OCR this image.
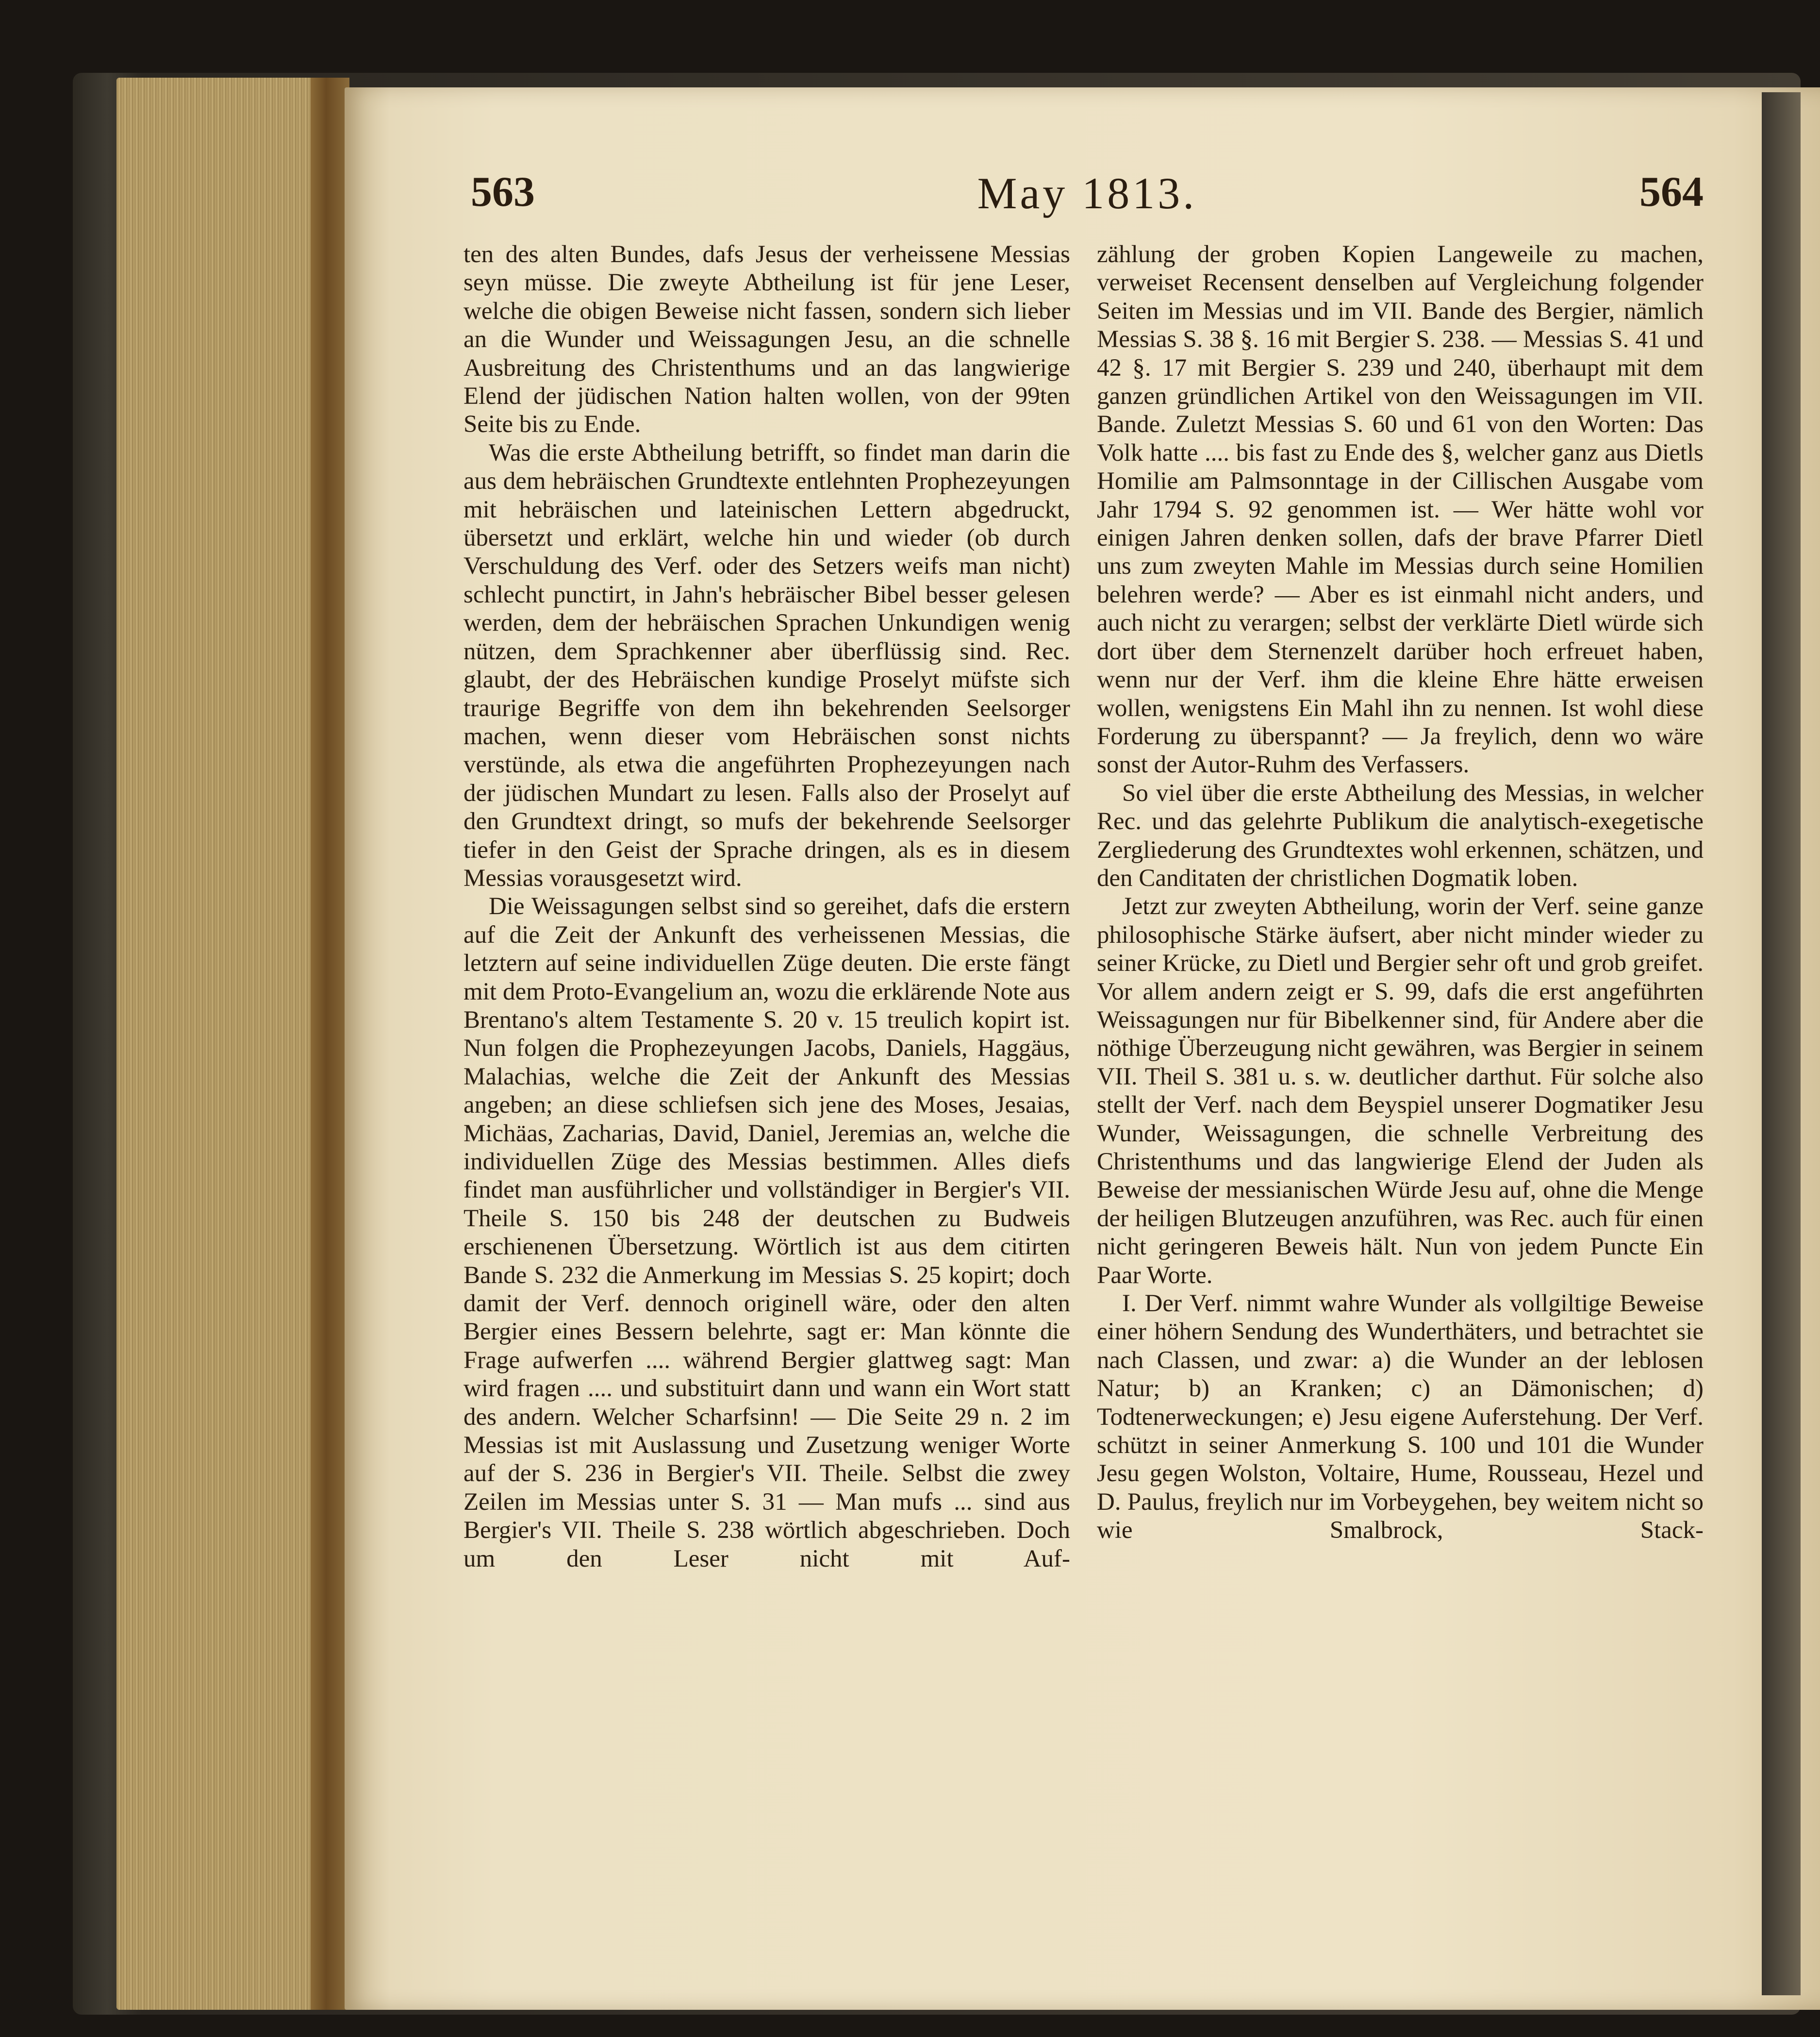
563	May 1813.	564

ten des alten Bundes, dafs Jesus der verheissene Messias seyn müsse. Die zweyte Abtheilung ist für jene Leser, welche die obigen Beweise nicht fassen, sondern sich lieber an die Wunder und Weissagungen Jesu, an die schnelle Ausbreitung des Christenthums und an das langwierige Elend der jüdischen Nation halten wollen, von der 99ten Seite bis zu Ende.

Was die erste Abtheilung betrifft, so findet man darin die aus dem hebräischen Grundtexte entlehnten Prophezeyungen mit hebräischen und lateinischen Lettern abgedruckt, übersetzt und erklärt, welche hin und wieder (ob durch Verschuldung des Verf. oder des Setzers weifs man nicht) schlecht punctirt, in Jahn's hebräischer Bibel besser gelesen werden, dem der hebräischen Sprachen Unkundigen wenig nützen, dem Sprachkenner aber überflüssig sind. Rec. glaubt, der des Hebräischen kundige Proselyt müfste sich traurige Begriffe von dem ihn bekehrenden Seelsorger machen, wenn dieser vom Hebräischen sonst nichts verstünde, als etwa die angeführten Prophezeyungen nach der jüdischen Mundart zu lesen. Falls also der Proselyt auf den Grundtext dringt, so mufs der bekehrende Seelsorger tiefer in den Geist der Sprache dringen, als es in diesem Messias vorausgesetzt wird.

Die Weissagungen selbst sind so gereihet, dafs die erstern auf die Zeit der Ankunft des verheissenen Messias, die letztern auf seine individuellen Züge deuten. Die erste fängt mit dem Proto-Evangelium an, wozu die erklärende Note aus Brentano's altem Testamente S. 20 v. 15 treulich kopirt ist. Nun folgen die Prophezeyungen Jacobs, Daniels, Haggäus, Malachias, welche die Zeit der Ankunft des Messias angeben; an diese schliefsen sich jene des Moses, Jesaias, Michäas, Zacharias, David, Daniel, Jeremias an, welche die individuellen Züge des Messias bestimmen. Alles diefs findet man ausführlicher und vollständiger in Bergier's VII. Theile S. 150 bis 248 der deutschen zu Budweis erschienenen Übersetzung. Wörtlich ist aus dem citirten Bande S. 232 die Anmerkung im Messias S. 25 kopirt; doch damit der Verf. dennoch originell wäre, oder den alten Bergier eines Bessern belehrte, sagt er: Man könnte die Frage aufwerfen .... während Bergier glattweg sagt: Man wird fragen .... und substituirt dann und wann ein Wort statt des andern. Welcher Scharfsinn! — Die Seite 29 n. 2 im Messias ist mit Auslassung und Zusetzung weniger Worte auf der S. 236 in Bergier's VII. Theile. Selbst die zwey Zeilen im Messias unter S. 31 — Man mufs ... sind aus Bergier's VII. Theile S. 238 wörtlich abgeschrieben. Doch um den Leser nicht mit Auf-

zählung der groben Kopien Langeweile zu machen, verweiset Recensent denselben auf Vergleichung folgender Seiten im Messias und im VII. Bande des Bergier, nämlich Messias S. 38 §. 16 mit Bergier S. 238. — Messias S. 41 und 42 §. 17 mit Bergier S. 239 und 240, überhaupt mit dem ganzen gründlichen Artikel von den Weissagungen im VII. Bande. Zuletzt Messias S. 60 und 61 von den Worten: Das Volk hatte .... bis fast zu Ende des §, welcher ganz aus Dietls Homilie am Palmsonntage in der Cillischen Ausgabe vom Jahr 1794 S. 92 genommen ist. — Wer hätte wohl vor einigen Jahren denken sollen, dafs der brave Pfarrer Dietl uns zum zweyten Mahle im Messias durch seine Homilien belehren werde? — Aber es ist einmahl nicht anders, und auch nicht zu verargen; selbst der verklärte Dietl würde sich dort über dem Sternenzelt darüber hoch erfreuet haben, wenn nur der Verf. ihm die kleine Ehre hätte erweisen wollen, wenigstens Ein Mahl ihn zu nennen. Ist wohl diese Forderung zu überspannt? — Ja freylich, denn wo wäre sonst der Autor-Ruhm des Verfassers.

So viel über die erste Abtheilung des Messias, in welcher Rec. und das gelehrte Publikum die analytisch-exegetische Zergliederung des Grundtextes wohl erkennen, schätzen, und den Canditaten der christlichen Dogmatik loben.

Jetzt zur zweyten Abtheilung, worin der Verf. seine ganze philosophische Stärke äufsert, aber nicht minder wieder zu seiner Krücke, zu Dietl und Bergier sehr oft und grob greifet. Vor allem andern zeigt er S. 99, dafs die erst angeführten Weissagungen nur für Bibelkenner sind, für Andere aber die nöthige Überzeugung nicht gewähren, was Bergier in seinem VII. Theil S. 381 u. s. w. deutlicher darthut. Für solche also stellt der Verf. nach dem Beyspiel unserer Dogmatiker Jesu Wunder, Weissagungen, die schnelle Verbreitung des Christenthums und das langwierige Elend der Juden als Beweise der messianischen Würde Jesu auf, ohne die Menge der heiligen Blutzeugen anzuführen, was Rec. auch für einen nicht geringeren Beweis hält. Nun von jedem Puncte Ein Paar Worte.

I. Der Verf. nimmt wahre Wunder als vollgiltige Beweise einer höhern Sendung des Wunderthäters, und betrachtet sie nach Classen, und zwar: a) die Wunder an der leblosen Natur; b) an Kranken; c) an Dämonischen; d) Todtenerweckungen; e) Jesu eigene Auferstehung. Der Verf. schützt in seiner Anmerkung S. 100 und 101 die Wunder Jesu gegen Wolston, Voltaire, Hume, Rousseau, Hezel und D. Paulus, freylich nur im Vorbeygehen, bey weitem nicht so wie Smalbrock, Stack-
